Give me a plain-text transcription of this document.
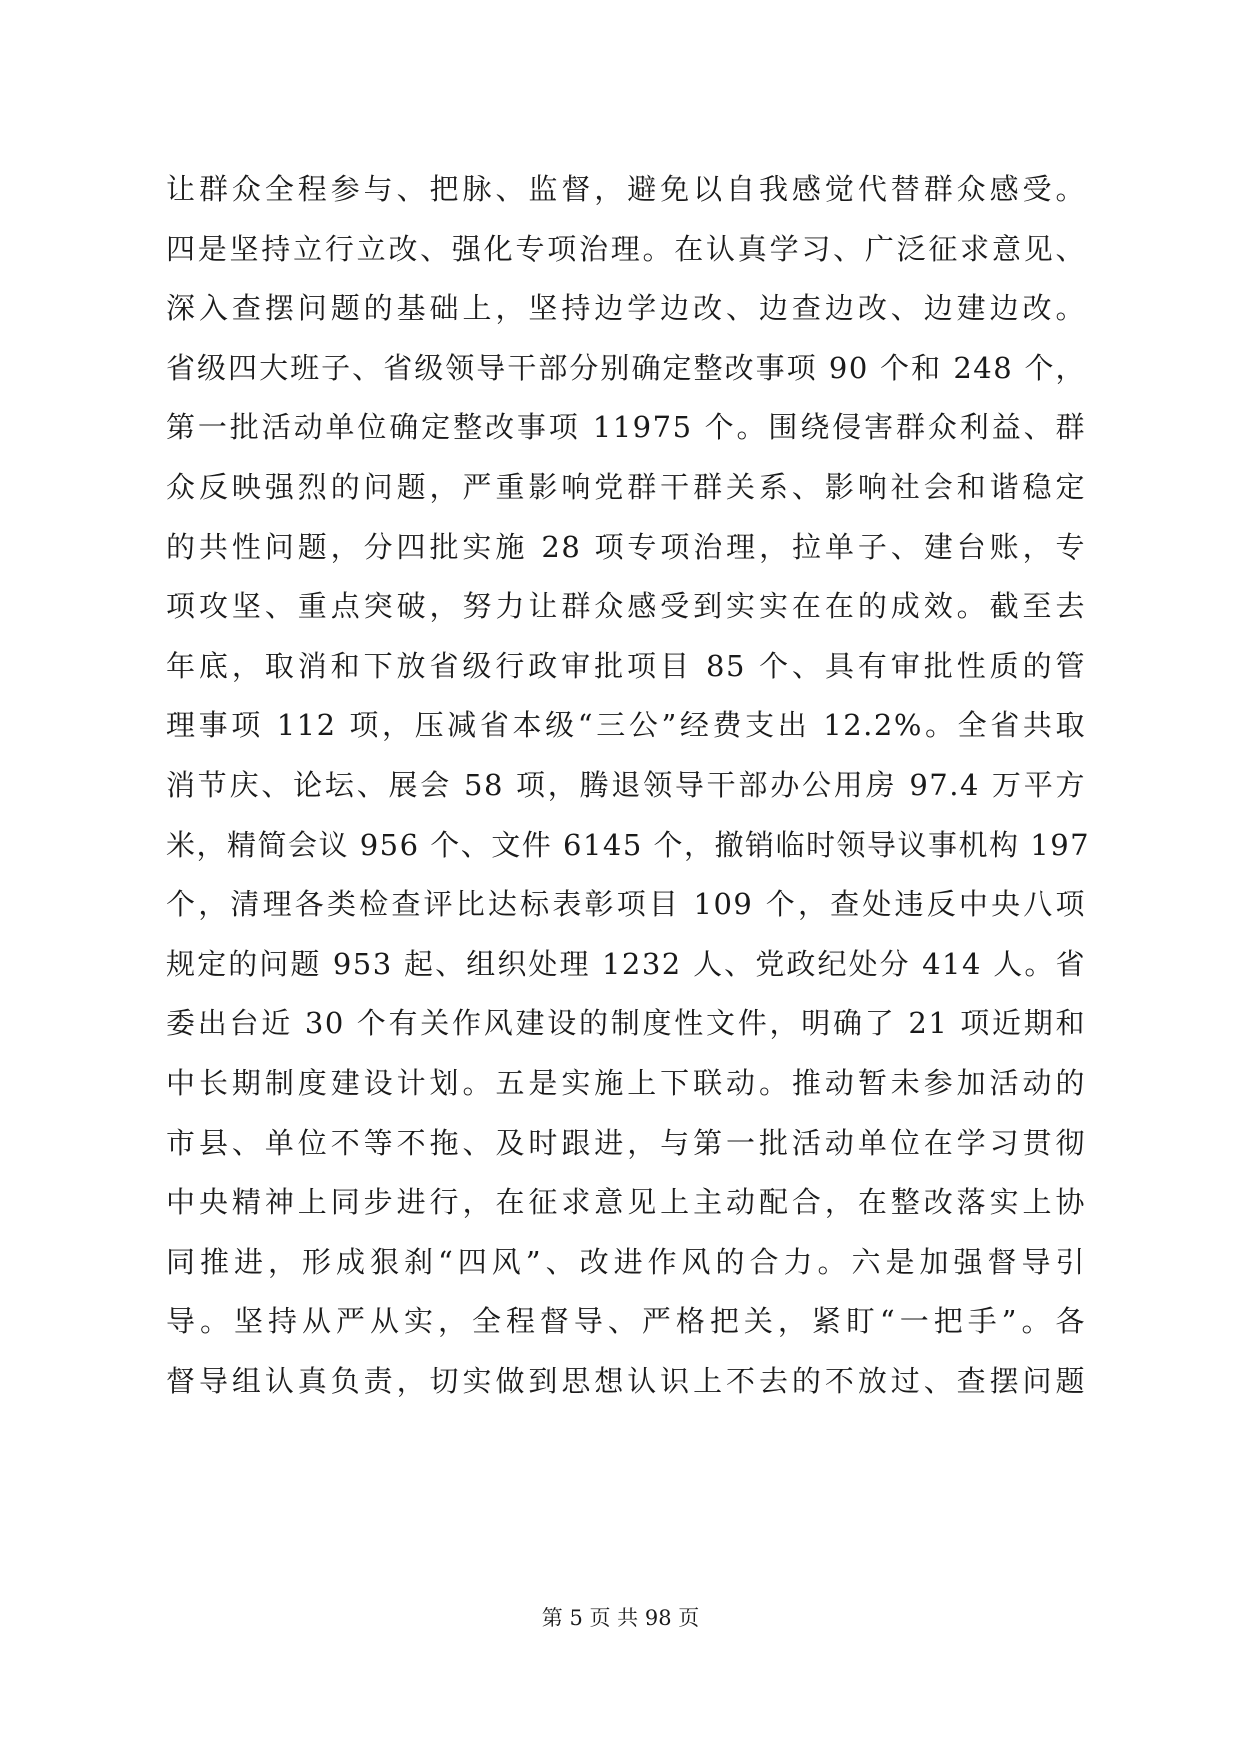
让群众全程参与、把脉、监督，避免以自我感觉代替群众感受。
四是坚持立行立改、强化专项治理。在认真学习、广泛征求意见、
深入查摆问题的基础上，坚持边学边改、边查边改、边建边改。
省级四大班子、省级领导干部分别确定整改事项 90 个和 248 个，
第一批活动单位确定整改事项 11975 个。围绕侵害群众利益、群
众反映强烈的问题，严重影响党群干群关系、影响社会和谐稳定
的共性问题，分四批实施 28 项专项治理，拉单子、建台账，专
项攻坚、重点突破，努力让群众感受到实实在在的成效。截至去
年底，取消和下放省级行政审批项目 85 个、具有审批性质的管
理事项 112 项，压减省本级“三公”经费支出 12.2%。全省共取
消节庆、论坛、展会 58 项，腾退领导干部办公用房 97.4 万平方
米，精简会议 956 个、文件 6145 个，撤销临时领导议事机构 197
个，清理各类检查评比达标表彰项目 109 个，查处违反中央八项
规定的问题 953 起、组织处理 1232 人、党政纪处分 414 人。省
委出台近 30 个有关作风建设的制度性文件，明确了 21 项近期和
中长期制度建设计划。五是实施上下联动。推动暂未参加活动的
市县、单位不等不拖、及时跟进，与第一批活动单位在学习贯彻
中央精神上同步进行，在征求意见上主动配合，在整改落实上协
同推进，形成狠刹“四风”、改进作风的合力。六是加强督导引
导。坚持从严从实，全程督导、严格把关，紧盯“一把手”。各
督导组认真负责，切实做到思想认识上不去的不放过、查摆问题
第 5 页 共 98 页
